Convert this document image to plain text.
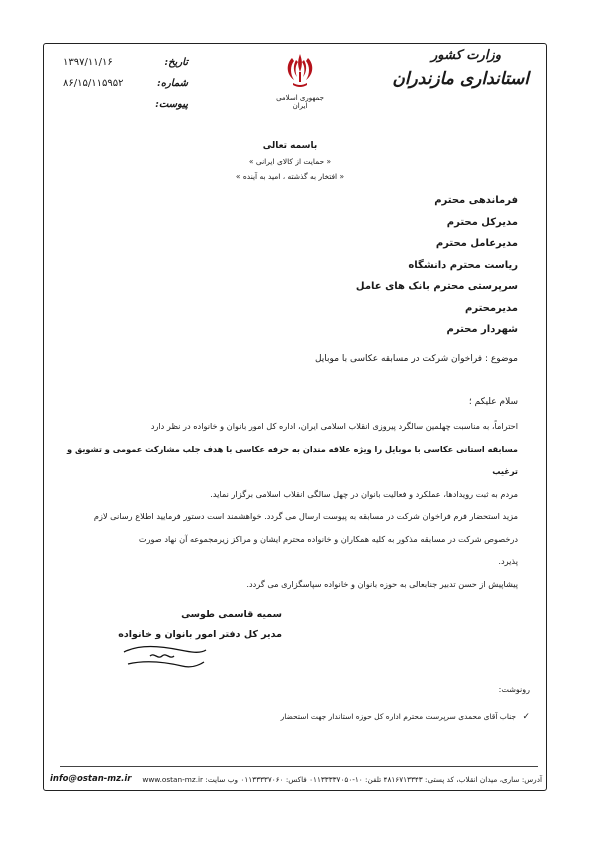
وزارت کشور
استانداری مازندران
جمهوری اسلامی ایران
تاریخ:
۱۳۹۷/۱۱/۱۶
شماره:
۸۶/۱۵/۱۱۵۹۵۲
پیوست:
باسمه تعالی
« حمایت از کالای ایرانی »
« افتخار به گذشته ، امید به آینده »
فرماندهی محترم
مدیرکل محترم
مدیرعامل محترم
ریاست محترم دانشگاه
سرپرستی محترم بانک های عامل
مدیرمحترم
شهردار محترم
موضوع : فراخوان شرکت در مسابقه عکاسی با موبایل
سلام علیکم ؛

احتراماً، به مناسبت چهلمین سالگرد پیروزی انقلاب اسلامی ایران، اداره کل امور بانوان و خانواده در نظر دارد

مسابقه استانی عکاسی با موبایل را ویژه علاقه مندان به حرفه عکاسی با هدف جلب مشارکت عمومی و تشویق و ترغیب

مردم به ثبت رویدادها، عملکرد و فعالیت بانوان در چهل سالگی انقلاب اسلامی برگزار نماید.

مزید استحضار فرم فراخوان شرکت در مسابقه به پیوست ارسال می گردد. خواهشمند است دستور فرمایید اطلاع رسانی لازم

درخصوص شرکت در مسابقه مذکور به کلیه همکاران و خانواده محترم ایشان و مراکز زیرمجموعه آن نهاد صورت

پذیرد.

پیشاپیش از حسن تدبیر جنابعالی به حوزه بانوان و خانواده سپاسگزاری می گردد.

سمیه قاسمی طوسی
مدیر کل دفتر امور بانوان و خانواده
رونوشت:
✓ جناب آقای محمدی سرپرست محترم اداره کل حوزه استاندار جهت استحضار
info@ostan-mz.ir آدرس: ساری، میدان انقلاب، کد پستی: ۴۸۱۶۷۱۳۳۴۳ تلفن: ۱۰-۰۱۱۳۳۳۳۷۰۵۰ فاکس: ۰۱۱۳۳۳۳۷۰۶۰ وب سایت: www.ostan-mz.ir
